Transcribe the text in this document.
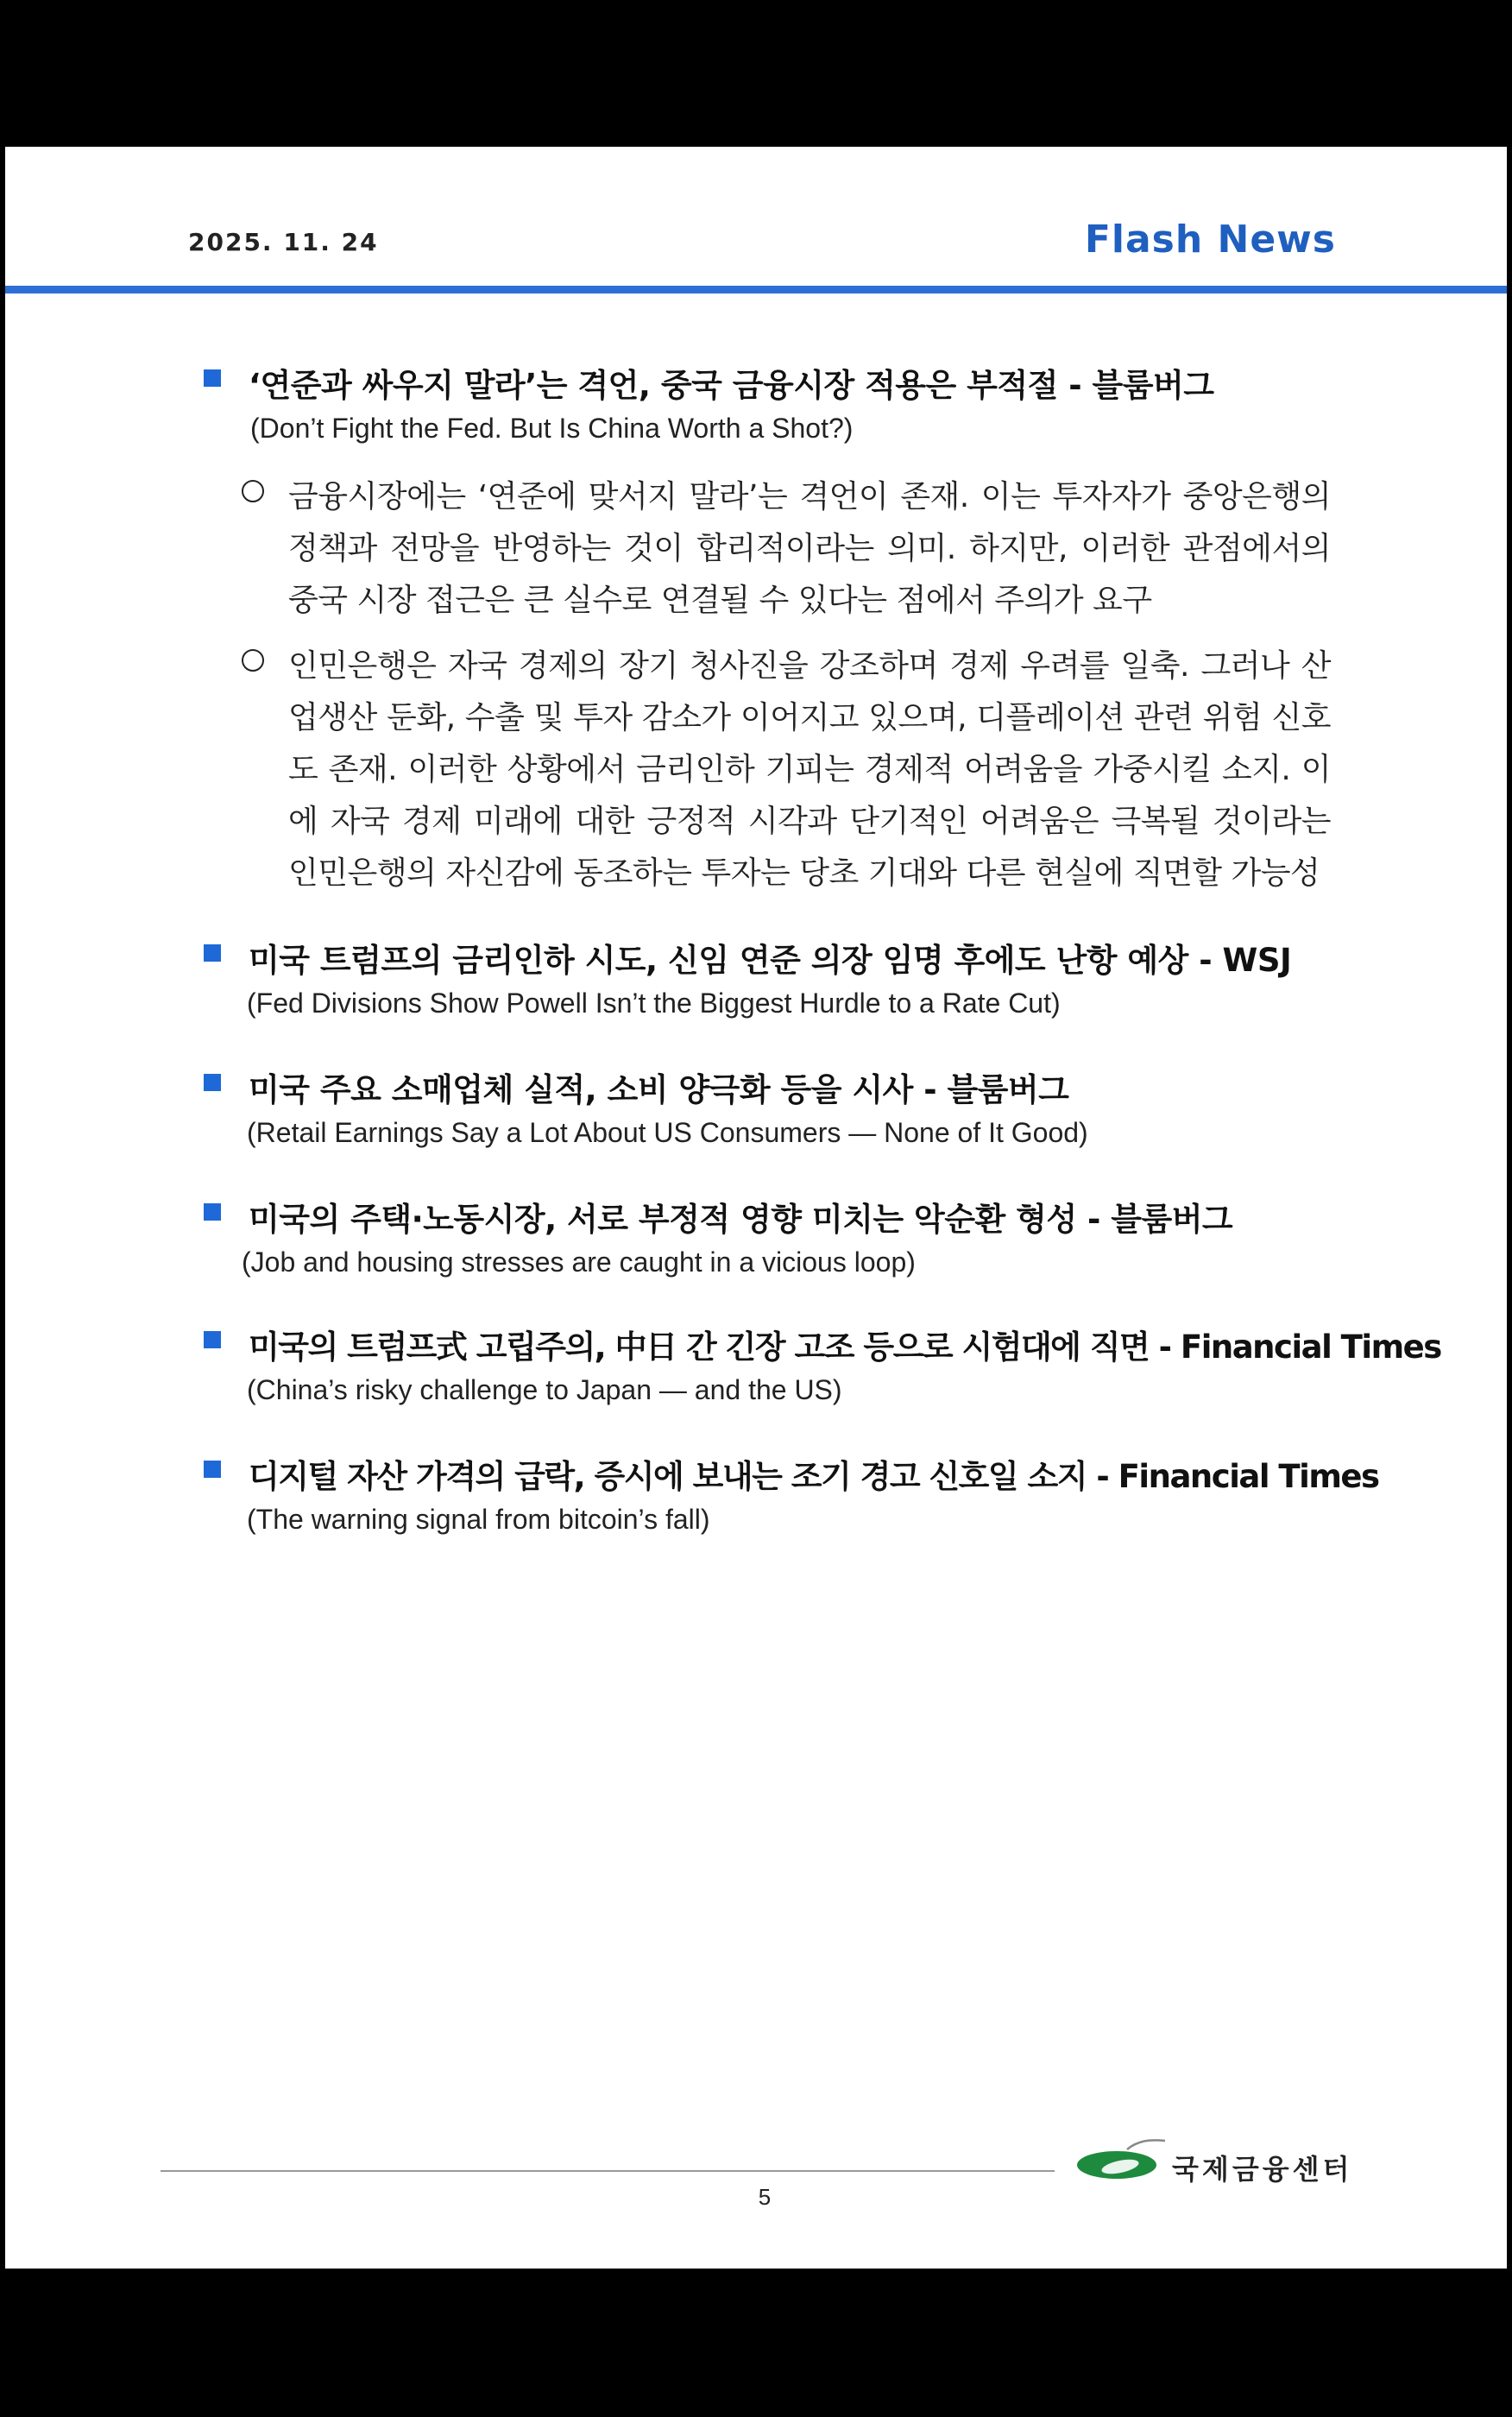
2025. 11. 24	Flash News
‘연준과 싸우지 말라’는 격언, 중국 금융시장 적용은 부적절 - 블룸버그
(Don’t Fight the Fed. But Is China Worth a Shot?)
금융시장에는 ‘연준에 맞서지 말라’는 격언이 존재. 이는 투자자가 중앙은행의 정책과 전망을 반영하는 것이 합리적이라는 의미. 하지만, 이러한 관점에서의 중국 시장 접근은 큰 실수로 연결될 수 있다는 점에서 주의가 요구
인민은행은 자국 경제의 장기 청사진을 강조하며 경제 우려를 일축. 그러나 산업생산 둔화, 수출 및 투자 감소가 이어지고 있으며, 디플레이션 관련 위험 신호도 존재. 이러한 상황에서 금리인하 기피는 경제적 어려움을 가중시킬 소지. 이에 자국 경제 미래에 대한 긍정적 시각과 단기적인 어려움은 극복될 것이라는 인민은행의 자신감에 동조하는 투자는 당초 기대와 다른 현실에 직면할 가능성
미국 트럼프의 금리인하 시도, 신임 연준 의장 임명 후에도 난항 예상 - WSJ
(Fed Divisions Show Powell Isn’t the Biggest Hurdle to a Rate Cut)
미국 주요 소매업체 실적, 소비 양극화 등을 시사 - 블룸버그
(Retail Earnings Say a Lot About US Consumers — None of It Good)
미국의 주택·노동시장, 서로 부정적 영향 미치는 악순환 형성 - 블룸버그
(Job and housing stresses are caught in a vicious loop)
미국의 트럼프式 고립주의, 中日 간 긴장 고조 등으로 시험대에 직면 - Financial Times
(China’s risky challenge to Japan — and the US)
디지털 자산 가격의 급락, 증시에 보내는 조기 경고 신호일 소지 - Financial Times
(The warning signal from bitcoin’s fall)
5
국제금융센터
